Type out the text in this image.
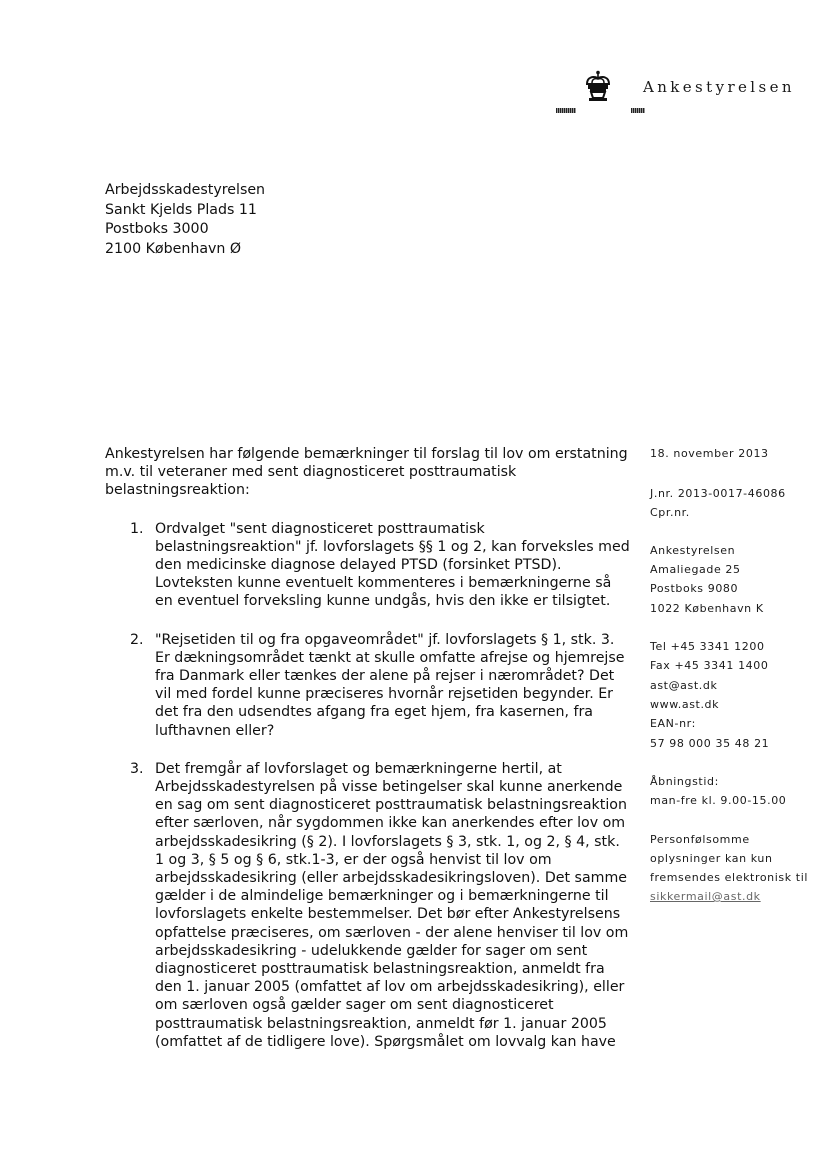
Ankestyrelsen
Arbejdsskadestyrelsen
Sankt Kjelds Plads 11
Postboks 3000
2100 København Ø

Ankestyrelsen har følgende bemærkninger til forslag til lov om erstatning m.v. til veteraner med sent diagnosticeret posttraumatisk belastningsreaktion:

1. Ordvalget "sent diagnosticeret posttraumatisk belastningsreaktion" jf. lovforslagets §§ 1 og 2, kan forveksles med den medicinske diagnose delayed PTSD (forsinket PTSD). Lovteksten kunne eventuelt kommenteres i bemærkningerne så en eventuel forveksling kunne undgås, hvis den ikke er tilsigtet.
2. "Rejsetiden til og fra opgaveområdet" jf. lovforslagets § 1, stk. 3. Er dækningsområdet tænkt at skulle omfatte afrejse og hjemrejse fra Danmark eller tænkes der alene på rejser i nærområdet? Det vil med fordel kunne præciseres hvornår rejsetiden begynder. Er det fra den udsendtes afgang fra eget hjem, fra kasernen, fra lufthavnen eller?
3. Det fremgår af lovforslaget og bemærkningerne hertil, at Arbejdsskadestyrelsen på visse betingelser skal kunne anerkende en sag om sent diagnosticeret posttraumatisk belastningsreaktion efter særloven, når sygdommen ikke kan anerkendes efter lov om arbejdsskadesikring (§ 2). I lovforslagets § 3, stk. 1, og 2, § 4, stk. 1 og 3, § 5 og § 6, stk.1-3, er der også henvist til lov om arbejdsskadesikring (eller arbejdsskadesikringsloven). Det samme gælder i de almindelige bemærkninger og i bemærkningerne til lovforslagets enkelte bestemmelser. Det bør efter Ankestyrelsens opfattelse præciseres, om særloven - der alene henviser til lov om arbejdsskadesikring - udelukkende gælder for sager om sent diagnosticeret posttraumatisk belastningsreaktion, anmeldt fra den 1. januar 2005 (omfattet af lov om arbejdsskadesikring), eller om særloven også gælder sager om sent diagnosticeret posttraumatisk belastningsreaktion, anmeldt før 1. januar 2005 (omfattet af de tidligere love). Spørgsmålet om lovvalg kan have
18. november 2013
J.nr. 2013-0017-46086
Cpr.nr.
Ankestyrelsen
Amaliegade 25
Postboks 9080
1022 København K
Tel +45 3341 1200
Fax +45 3341 1400
ast@ast.dk
www.ast.dk
EAN-nr:
57 98 000 35 48 21
Åbningstid:
man-fre kl. 9.00-15.00
Personfølsomme
oplysninger kan kun
fremsendes elektronisk til
sikkermail@ast.dk
